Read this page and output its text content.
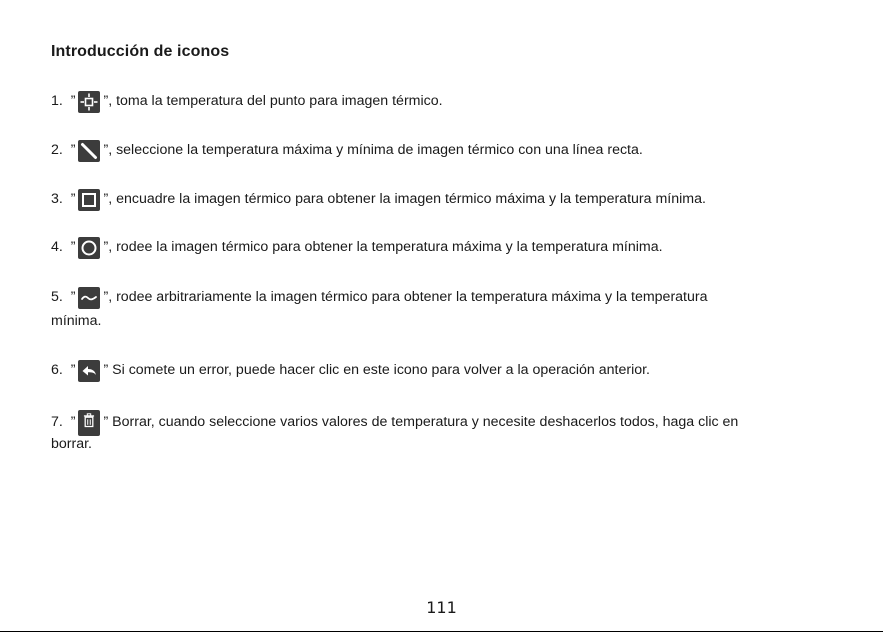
Introducción de iconos
1.
” ”, toma la temperatura del punto para imagen térmico.
2.
” ”, seleccione la temperatura máxima y mínima de imagen térmico con una línea recta.
3.
” ”, encuadre la imagen térmico para obtener la imagen térmico máxima y la temperatura mínima.
4.
” ”, rodee la imagen térmico para obtener la temperatura máxima y la temperatura mínima.
5.
” ”, rodee arbitrariamente la imagen térmico para obtener la temperatura máxima y la temperatura
mínima.
6.
” ” Si comete un error, puede hacer clic en este icono para volver a la operación anterior.
7.
” ” Borrar, cuando seleccione varios valores de temperatura y necesite deshacerlos todos, haga clic en
borrar.
111
